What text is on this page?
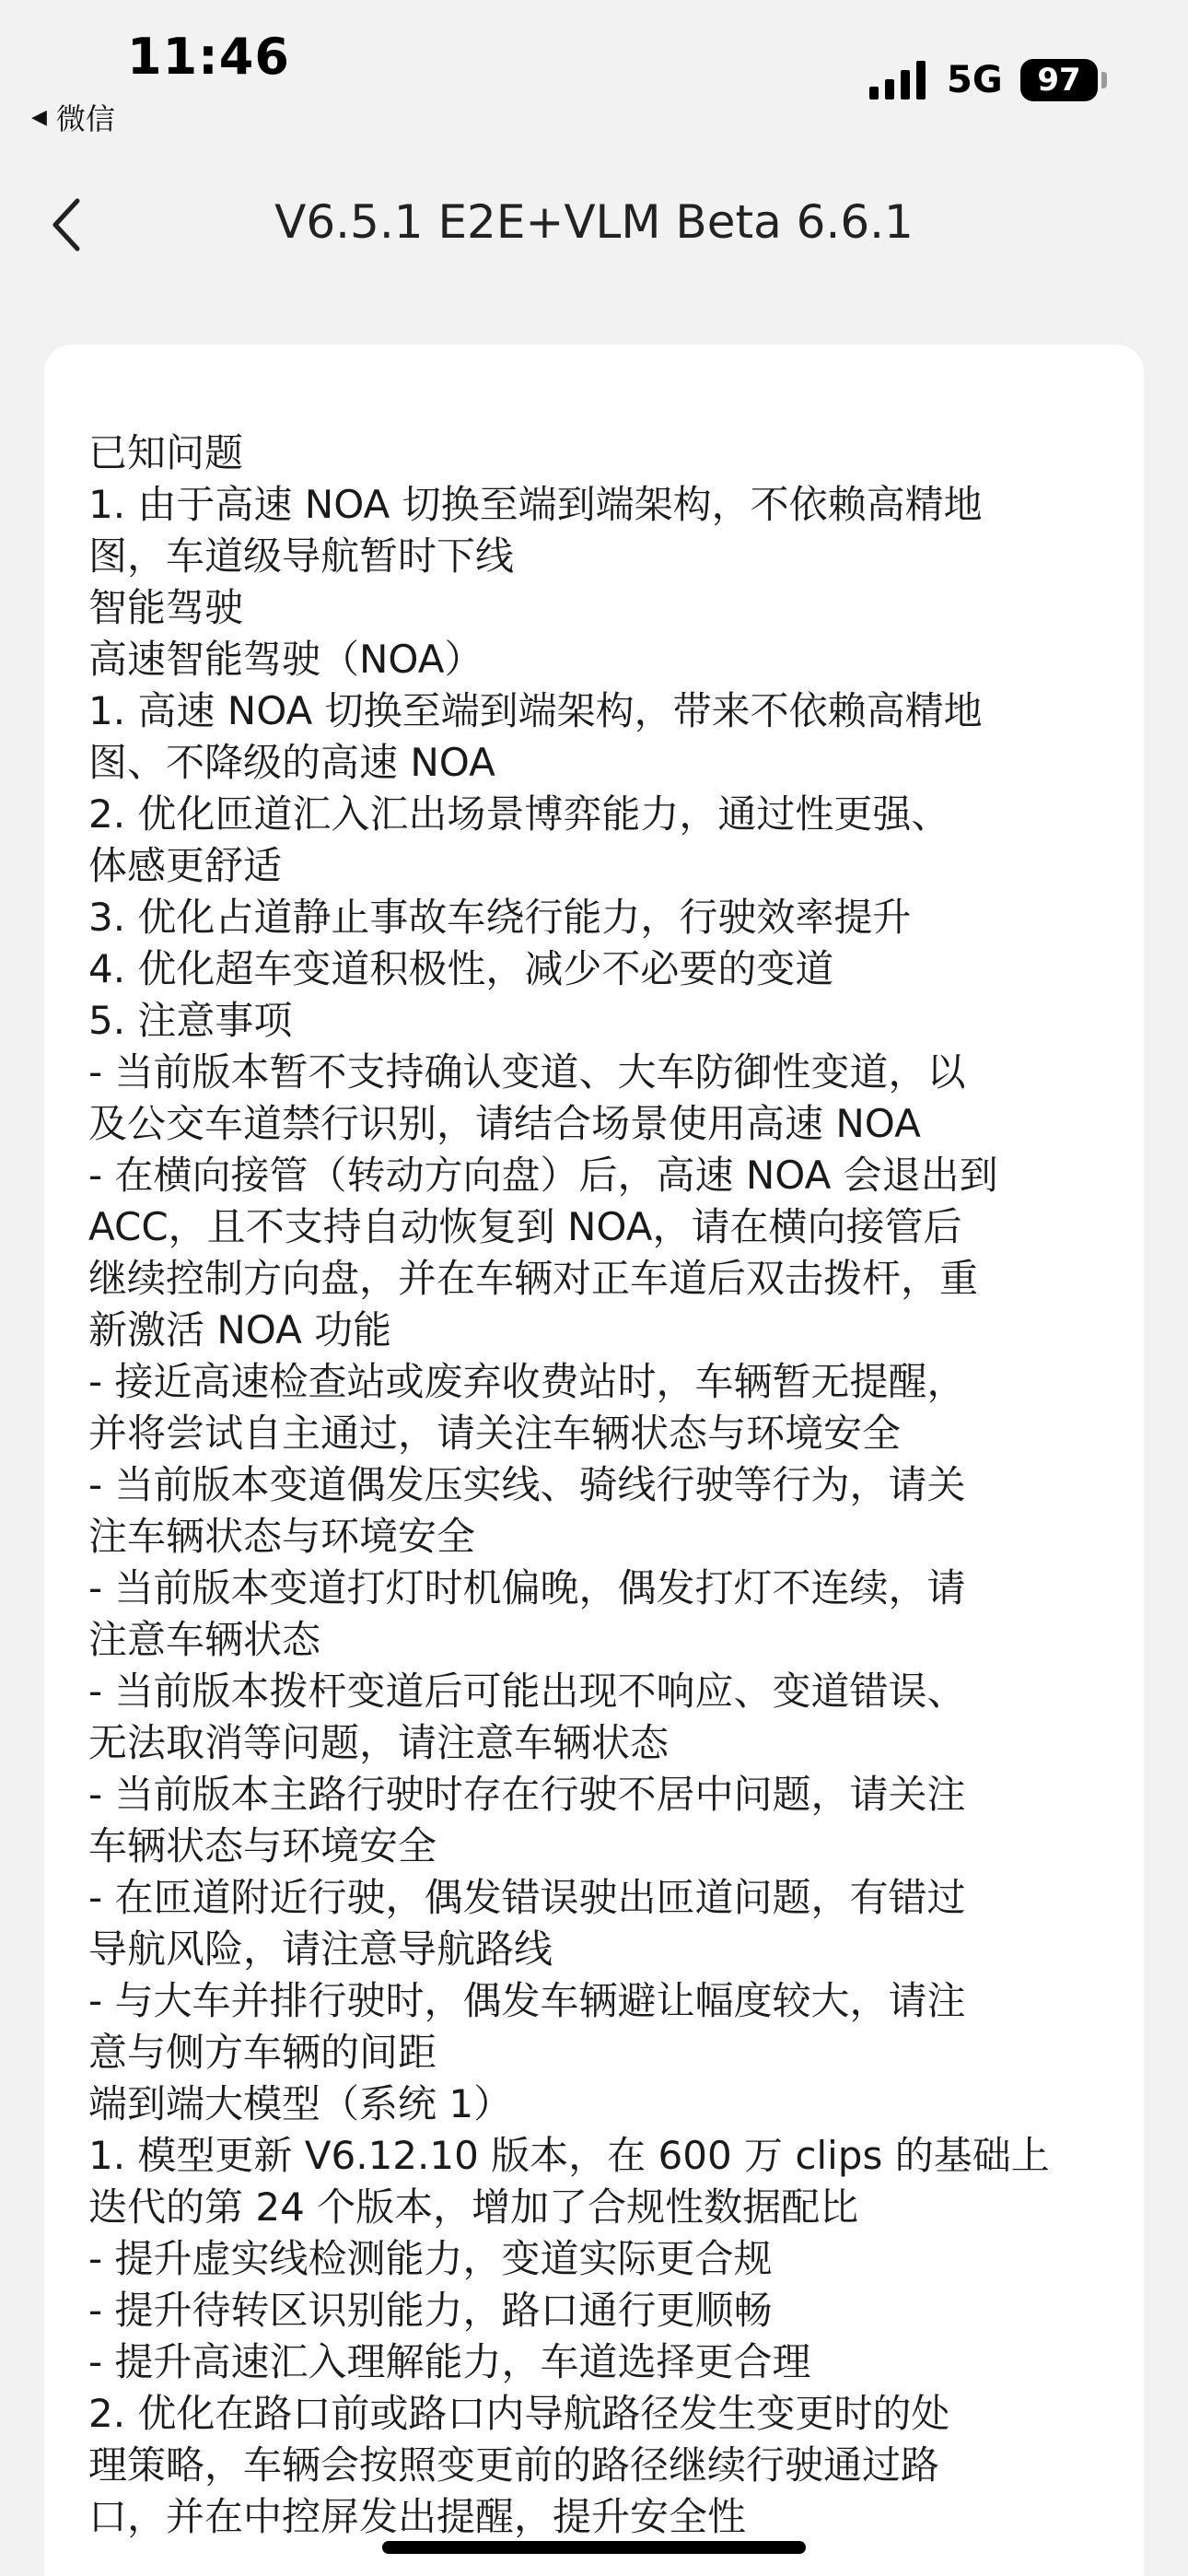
11:46
◀ 微信
5G 97
V6.5.1 E2E+VLM Beta 6.6.1
已知问题
1. 由于高速 NOA 切换至端到端架构，不依赖高精地
图，车道级导航暂时下线
智能驾驶
高速智能驾驶（NOA）
1. 高速 NOA 切换至端到端架构，带来不依赖高精地
图、不降级的高速 NOA
2. 优化匝道汇入汇出场景博弈能力，通过性更强、
体感更舒适
3. 优化占道静止事故车绕行能力，行驶效率提升
4. 优化超车变道积极性，减少不必要的变道
5. 注意事项
- 当前版本暂不支持确认变道、大车防御性变道，以
及公交车道禁行识别，请结合场景使用高速 NOA
- 在横向接管（转动方向盘）后，高速 NOA 会退出到
ACC，且不支持自动恢复到 NOA，请在横向接管后
继续控制方向盘，并在车辆对正车道后双击拨杆，重
新激活 NOA 功能
- 接近高速检查站或废弃收费站时，车辆暂无提醒，
并将尝试自主通过，请关注车辆状态与环境安全
- 当前版本变道偶发压实线、骑线行驶等行为，请关
注车辆状态与环境安全
- 当前版本变道打灯时机偏晚，偶发打灯不连续，请
注意车辆状态
- 当前版本拨杆变道后可能出现不响应、变道错误、
无法取消等问题，请注意车辆状态
- 当前版本主路行驶时存在行驶不居中问题，请关注
车辆状态与环境安全
- 在匝道附近行驶，偶发错误驶出匝道问题，有错过
导航风险，请注意导航路线
- 与大车并排行驶时，偶发车辆避让幅度较大，请注
意与侧方车辆的间距
端到端大模型（系统 1）
1. 模型更新 V6.12.10 版本，在 600 万 clips 的基础上
迭代的第 24 个版本，增加了合规性数据配比
- 提升虚实线检测能力，变道实际更合规
- 提升待转区识别能力，路口通行更顺畅
- 提升高速汇入理解能力，车道选择更合理
2. 优化在路口前或路口内导航路径发生变更时的处
理策略，车辆会按照变更前的路径继续行驶通过路
口，并在中控屏发出提醒，提升安全性
